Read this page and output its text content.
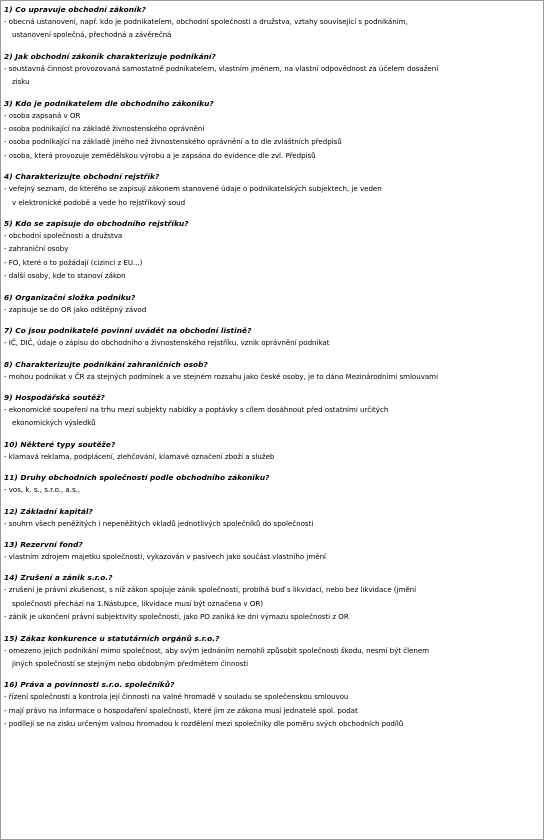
1) Co upravuje obchodní zákoník?
- obecná ustanovení, např. kdo je podnikatelem, obchodní společnosti a družstva, vztahy související s podnikáním,
ustanovení společná, přechodná a závěrečná
2) Jak obchodní zákoník charakterizuje podnikání?
- soustavná činnost provozovaná samostatně podnikatelem, vlastním jménem, na vlastní odpovědnost za účelem dosažení
zisku
3) Kdo je podnikatelem dle obchodního zákoníku?
- osoba zapsaná v OR
- osoba podnikající na základě živnostenského oprávnění
- osoba podnikající na základě jiného než živnostenského oprávnění a to dle zvláštních předpisů
- osoba, která provozuje zemědělskou výrobu a je zapsána do evidence dle zvl. Předpisů
4) Charakterizujte obchodní rejstřík?
- veřejný seznam, do kterého se zapisují zákonem stanovené údaje o podnikatelských subjektech, je veden
v elektronické podobě a vede ho rejstříkový soud
5) Kdo se zapisuje do obchodního rejstříku?
- obchodní společnosti a družstva
- zahraniční osoby
- FO, které o to požádají (cizinci z EU...)
- další osoby, kde to stanoví zákon
6) Organizační složka podniku?
- zapisuje se do OR jako odštěpný závod
7) Co jsou podnikatelé povinni uvádět na obchodní listině?
- IČ, DIČ, údaje o zápisu do obchodního a živnostenského rejstříku, vznik oprávnění podnikat
8) Charakterizujte podnikání zahraničních osob?
- mohou podnikat v ČR za stejných podmínek a ve stejném rozsahu jako české osoby, je to dáno Mezinárodními smlouvami
9) Hospodářská soutěž?
- ekonomické soupeření na trhu mezi subjekty nabídky a poptávky s cílem dosáhnout před ostatními určitých
ekonomických výsledků
10) Některé typy soutěže?
- klamavá reklama, podplácení, zlehčování, klamavé označení zboží a služeb
11) Druhy obchodních společností podle obchodního zákoníku?
- vos, k. s., s.r.o., a.s.,
12) Základní kapitál?
- souhrn všech peněžitých i nepeněžitých vkladů jednotlivých společníků do společnosti
13) Rezervní fond?
- vlastním zdrojem majetku společnosti, vykazován v pasivech jako součást vlastního jmění
14) Zrušení a zánik s.r.o.?
- zrušení je právní zkušenost, s níž zákon spojuje zánik společnosti, probíhá buď s likvidací, nebo bez likvidace (jmění
společnosti přechází na 1.Nástupce, likvidace musí být označena v OR)
- zánik je ukončení právní subjektivity společnosti, jako PO zaniká ke dni výmazu společnosti z OR
15) Zákaz konkurence u statutárních orgánů s.r.o.?
- omezeno jejich podnikání mimo společnost, aby svým jednáním nemohli způsobit společnosti škodu, nesmí být členem
jiných společností se stejným nebo obdobným předmětem činnosti
16) Práva a povinnosti s.r.o. společníků?
- řízení společnosti a kontrola její činnosti na valné hromadě v souladu se společenskou smlouvou
- mají právo na informace o hospodaření společnosti, které jim ze zákona musí jednatelé spol. podat
- podílejí se na zisku určeným valnou hromadou k rozdělení mezi společníky dle poměru svých obchodních podílů
